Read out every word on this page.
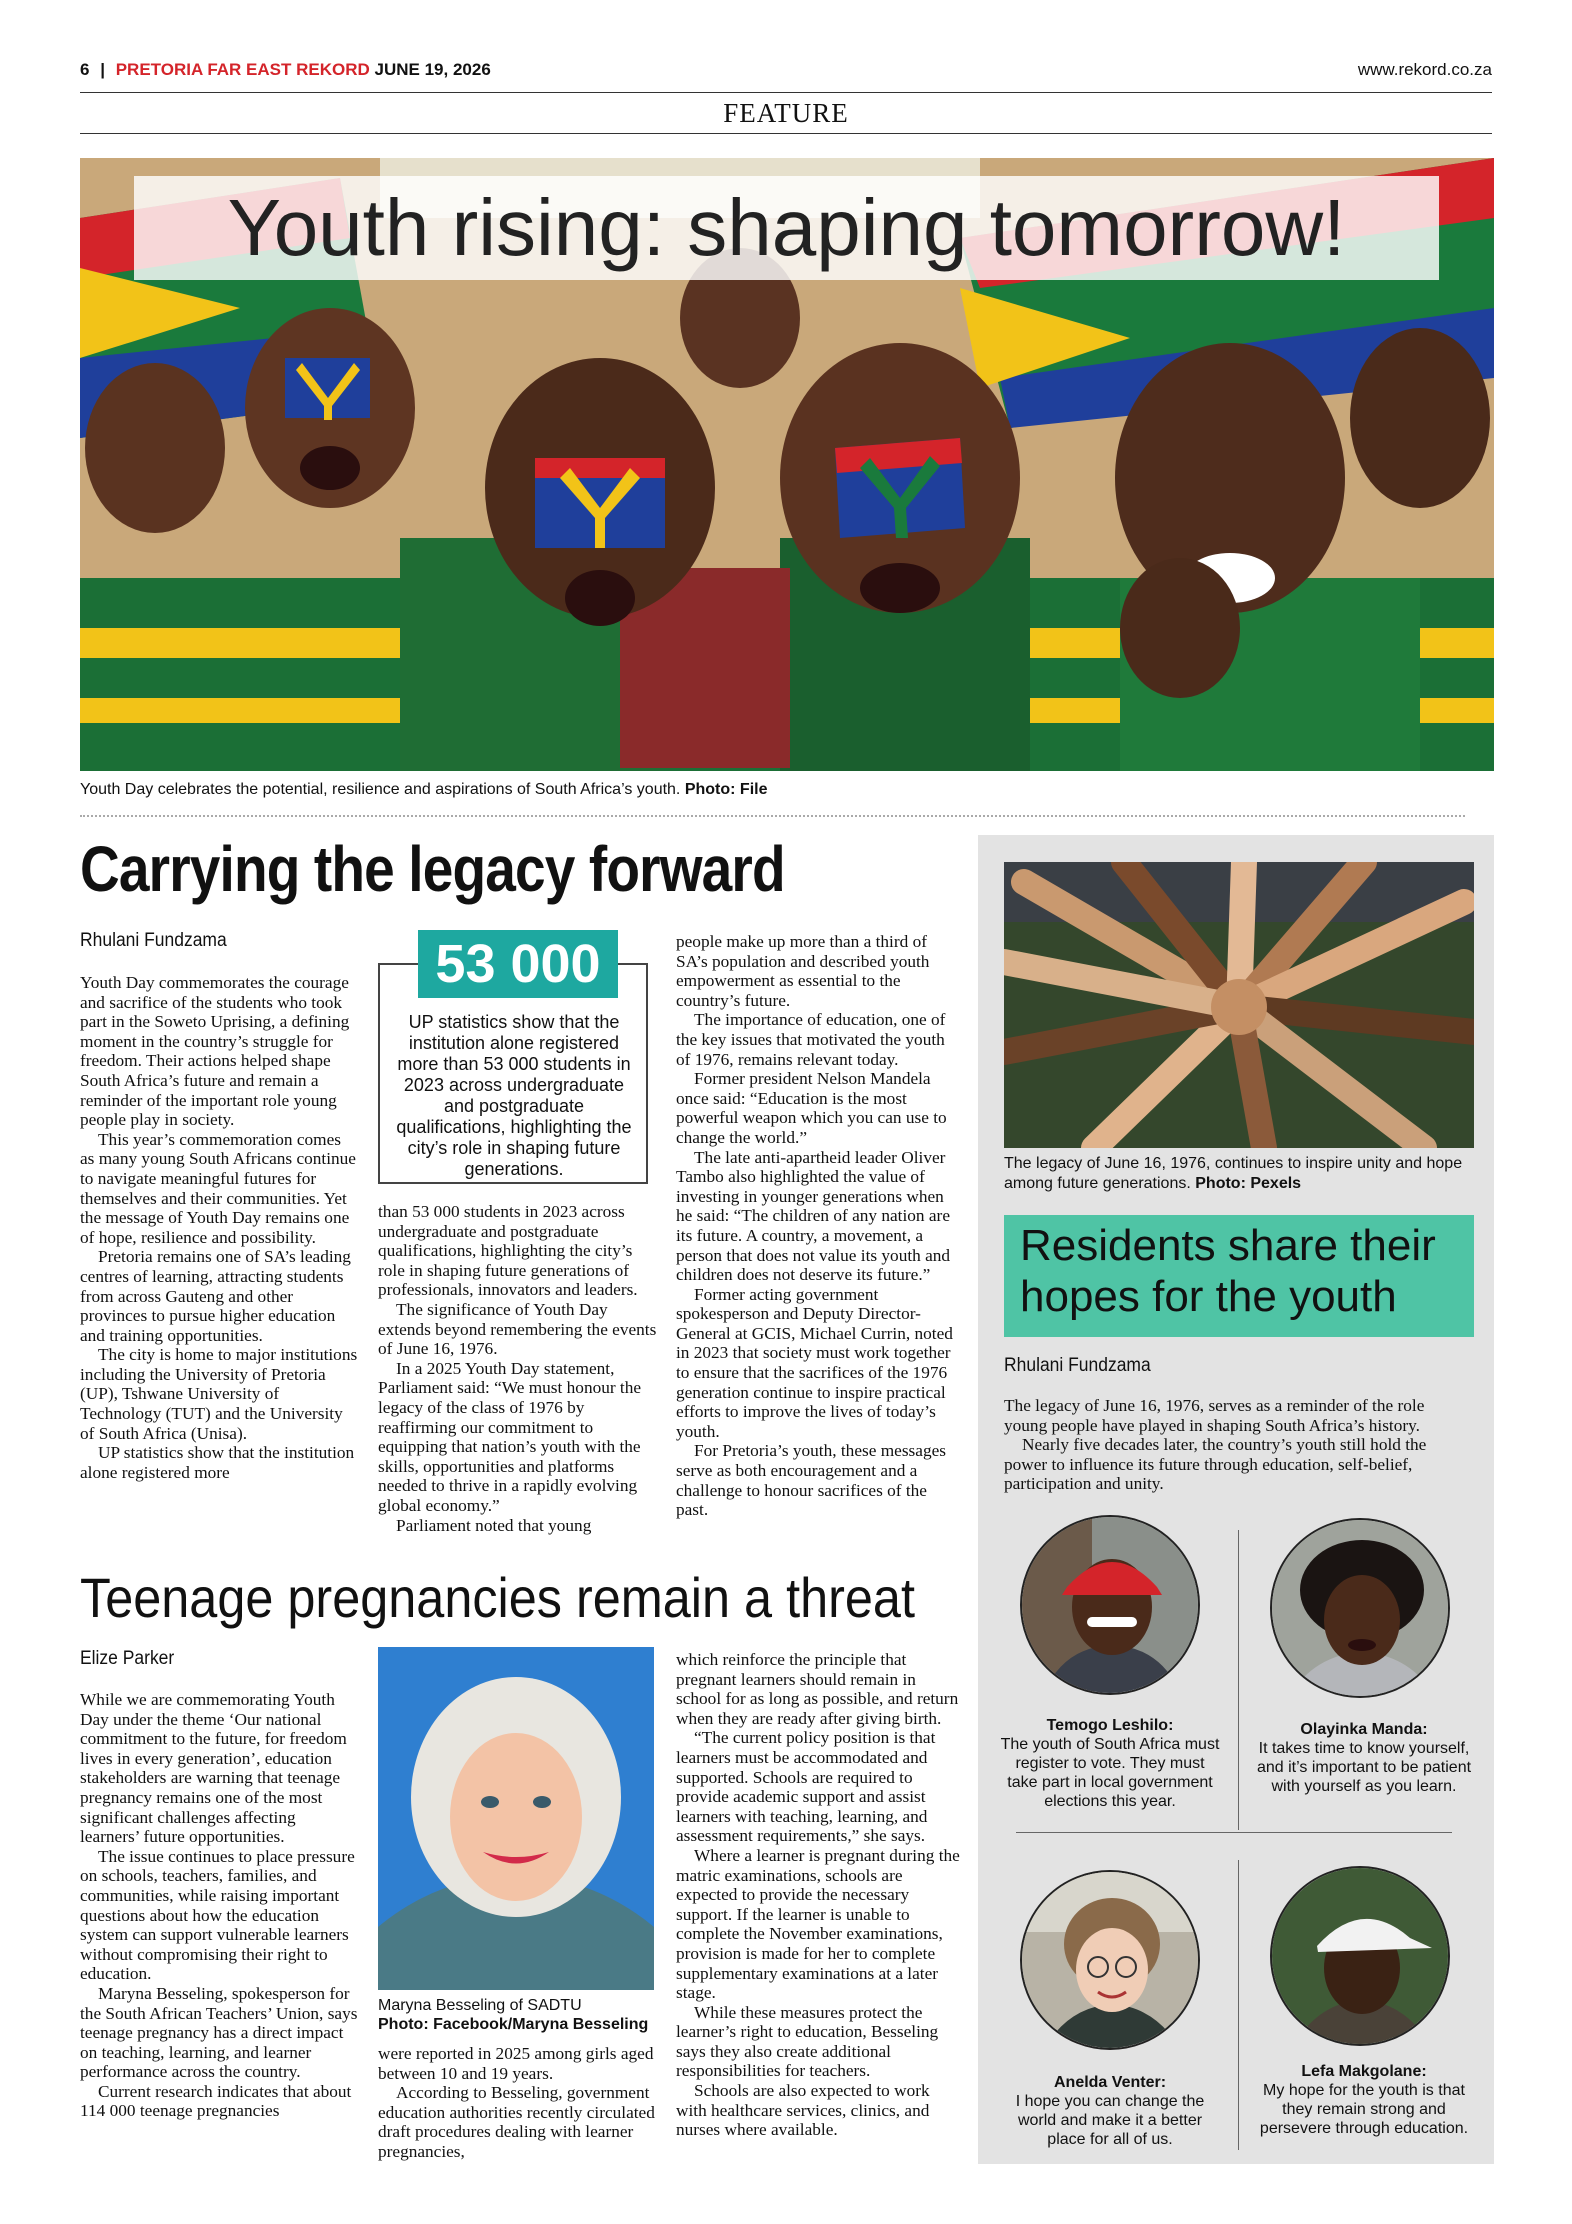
6 | PRETORIA FAR EAST REKORD JUNE 19, 2026	www.rekord.co.za
FEATURE
Youth rising: shaping tomorrow!
Youth Day celebrates the potential, resilience and aspirations of South Africa’s youth. Photo: File
Carrying the legacy forward
Rhulani Fundzama

Youth Day commemorates the courage and sacrifice of the students who took part in the Soweto Uprising, a defining moment in the country’s struggle for freedom. Their actions helped shape South Africa’s future and remain a reminder of the important role young people play in society.

This year’s commemoration comes as many young South Africans continue to navigate meaningful futures for themselves and their communities. Yet the message of Youth Day remains one of hope, resilience and possibility.

Pretoria remains one of SA’s leading centres of learning, attracting students from across Gauteng and other provinces to pursue higher education and training opportunities.

The city is home to major institutions including the University of Pretoria (UP), Tshwane University of Technology (TUT) and the University of South Africa (Unisa).

UP statistics show that the institution alone registered more

53 000
UP statistics show that the institution alone registered more than 53 000 students in 2023 across undergraduate and postgraduate qualifications, highlighting the city’s role in shaping future generations.

than 53 000 students in 2023 across undergraduate and postgraduate qualifications, highlighting the city’s role in shaping future generations of professionals, innovators and leaders.

The significance of Youth Day extends beyond remembering the events of June 16, 1976.

In a 2025 Youth Day statement, Parliament said: “We must honour the legacy of the class of 1976 by reaffirming our commitment to equipping that nation’s youth with the skills, opportunities and platforms needed to thrive in a rapidly evolving global economy.”

Parliament noted that young

people make up more than a third of SA’s population and described youth empowerment as essential to the country’s future.

The importance of education, one of the key issues that motivated the youth of 1976, remains relevant today.

Former president Nelson Mandela once said: “Education is the most powerful weapon which you can use to change the world.”

The late anti-apartheid leader Oliver Tambo also highlighted the value of investing in younger generations when he said: “The children of any nation are its future. A country, a movement, a person that does not value its youth and children does not deserve its future.”

Former acting government spokesperson and Deputy Director-General at GCIS, Michael Currin, noted in 2023 that society must work together to ensure that the sacrifices of the 1976 generation continue to inspire practical efforts to improve the lives of today’s youth.

For Pretoria’s youth, these messages serve as both encouragement and a challenge to honour sacrifices of the past.

The legacy of June 16, 1976, continues to inspire unity and hope among future generations. Photo: Pexels
Residents share their hopes for the youth
Rhulani Fundzama

The legacy of June 16, 1976, serves as a reminder of the role young people have played in shaping South Africa’s history.

Nearly five decades later, the country’s youth still hold the power to influence its future through education, self-belief, participation and unity.

Temogo Leshilo:
The youth of South Africa must register to vote. They must take part in local government elections this year.
Olayinka Manda:
It takes time to know yourself, and it’s important to be patient with yourself as you learn.
Anelda Venter:
I hope you can change the world and make it a better place for all of us.
Lefa Makgolane:
My hope for the youth is that they remain strong and persevere through education.
Teenage pregnancies remain a threat
Elize Parker

While we are commemorating Youth Day under the theme ‘Our national commitment to the future, for freedom lives in every generation’, education stakeholders are warning that teenage pregnancy remains one of the most significant challenges affecting learners’ future opportunities.

The issue continues to place pressure on schools, teachers, families, and communities, while raising important questions about how the education system can support vulnerable learners without compromising their right to education.

Maryna Besseling, spokesperson for the South African Teachers’ Union, says teenage pregnancy has a direct impact on teaching, learning, and learner performance across the country.

Current research indicates that about 114 000 teenage pregnancies

Maryna Besseling of SADTU
Photo: Facebook/Maryna Besseling

were reported in 2025 among girls aged between 10 and 19 years.

According to Besseling, government education authorities recently circulated draft procedures dealing with learner pregnancies,

which reinforce the principle that pregnant learners should remain in school for as long as possible, and return when they are ready after giving birth.

“The current policy position is that learners must be accommodated and supported. Schools are required to provide academic support and assist learners with teaching, learning, and assessment requirements,” she says.

Where a learner is pregnant during the matric examinations, schools are expected to provide the necessary support. If the learner is unable to complete the November examinations, provision is made for her to complete supplementary examinations at a later stage.

While these measures protect the learner’s right to education, Besseling says they also create additional responsibilities for teachers.

Schools are also expected to work with healthcare services, clinics, and nurses where available.
